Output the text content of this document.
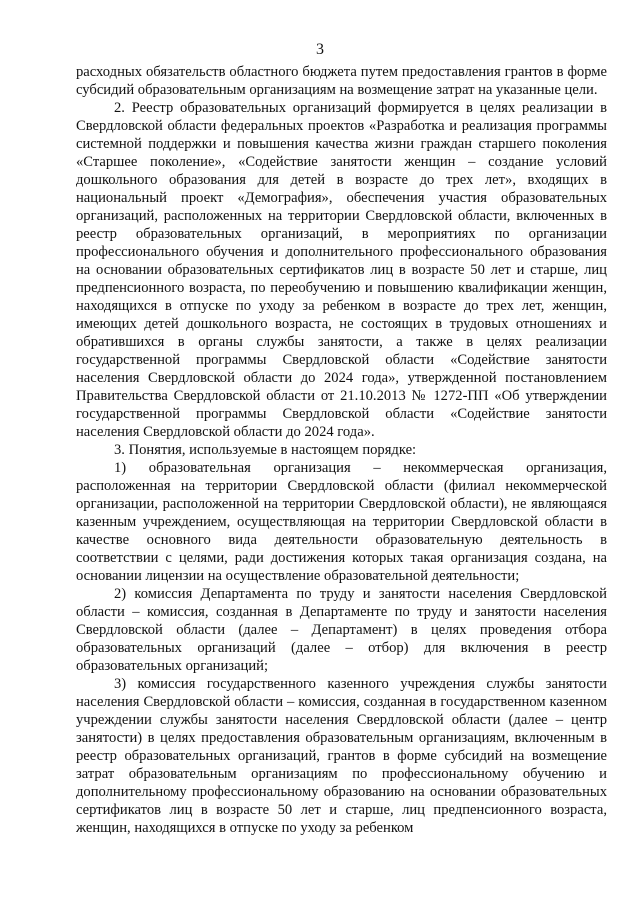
3

расходных обязательств областного бюджета путем предоставления грантов в форме субсидий образовательным организациям на возмещение затрат на указанные цели.

2. Реестр образовательных организаций формируется в целях реализации в Свердловской области федеральных проектов «Разработка и реализация программы системной поддержки и повышения качества жизни граждан старшего поколения «Старшее поколение», «Содействие занятости женщин – создание условий дошкольного образования для детей в возрасте до трех лет», входящих в национальный проект «Демография», обеспечения участия образовательных организаций, расположенных на территории Свердловской области, включенных в реестр образовательных организаций, в мероприятиях по организации профессионального обучения и дополнительного профессионального образования на основании образовательных сертификатов лиц в возрасте 50 лет и старше, лиц предпенсионного возраста, по переобучению и повышению квалификации женщин, находящихся в отпуске по уходу за ребенком в возрасте до трех лет, женщин, имеющих детей дошкольного возраста, не состоящих в трудовых отношениях и обратившихся в органы службы занятости, а также в целях реализации государственной программы Свердловской области «Содействие занятости населения Свердловской области до 2024 года», утвержденной постановлением Правительства Свердловской области от 21.10.2013 № 1272-ПП «Об утверждении государственной программы Свердловской области «Содействие занятости населения Свердловской области до 2024 года».

3. Понятия, используемые в настоящем порядке:

1) образовательная организация – некоммерческая организация, расположенная на территории Свердловской области (филиал некоммерческой организации, расположенной на территории Свердловской области), не являющаяся казенным учреждением, осуществляющая на территории Свердловской области в качестве основного вида деятельности образовательную деятельность в соответствии с целями, ради достижения которых такая организация создана, на основании лицензии на осуществление образовательной деятельности;

2) комиссия Департамента по труду и занятости населения Свердловской области – комиссия, созданная в Департаменте по труду и занятости населения Свердловской области (далее – Департамент) в целях проведения отбора образовательных организаций (далее – отбор) для включения в реестр образовательных организаций;

3) комиссия государственного казенного учреждения службы занятости населения Свердловской области – комиссия, созданная в государственном казенном учреждении службы занятости населения Свердловской области (далее – центр занятости) в целях предоставления образовательным организациям, включенным в реестр образовательных организаций, грантов в форме субсидий на возмещение затрат образовательным организациям по профессиональному обучению и дополнительному профессиональному образованию на основании образовательных сертификатов лиц в возрасте 50 лет и старше, лиц предпенсионного возраста, женщин, находящихся в отпуске по уходу за ребенком
